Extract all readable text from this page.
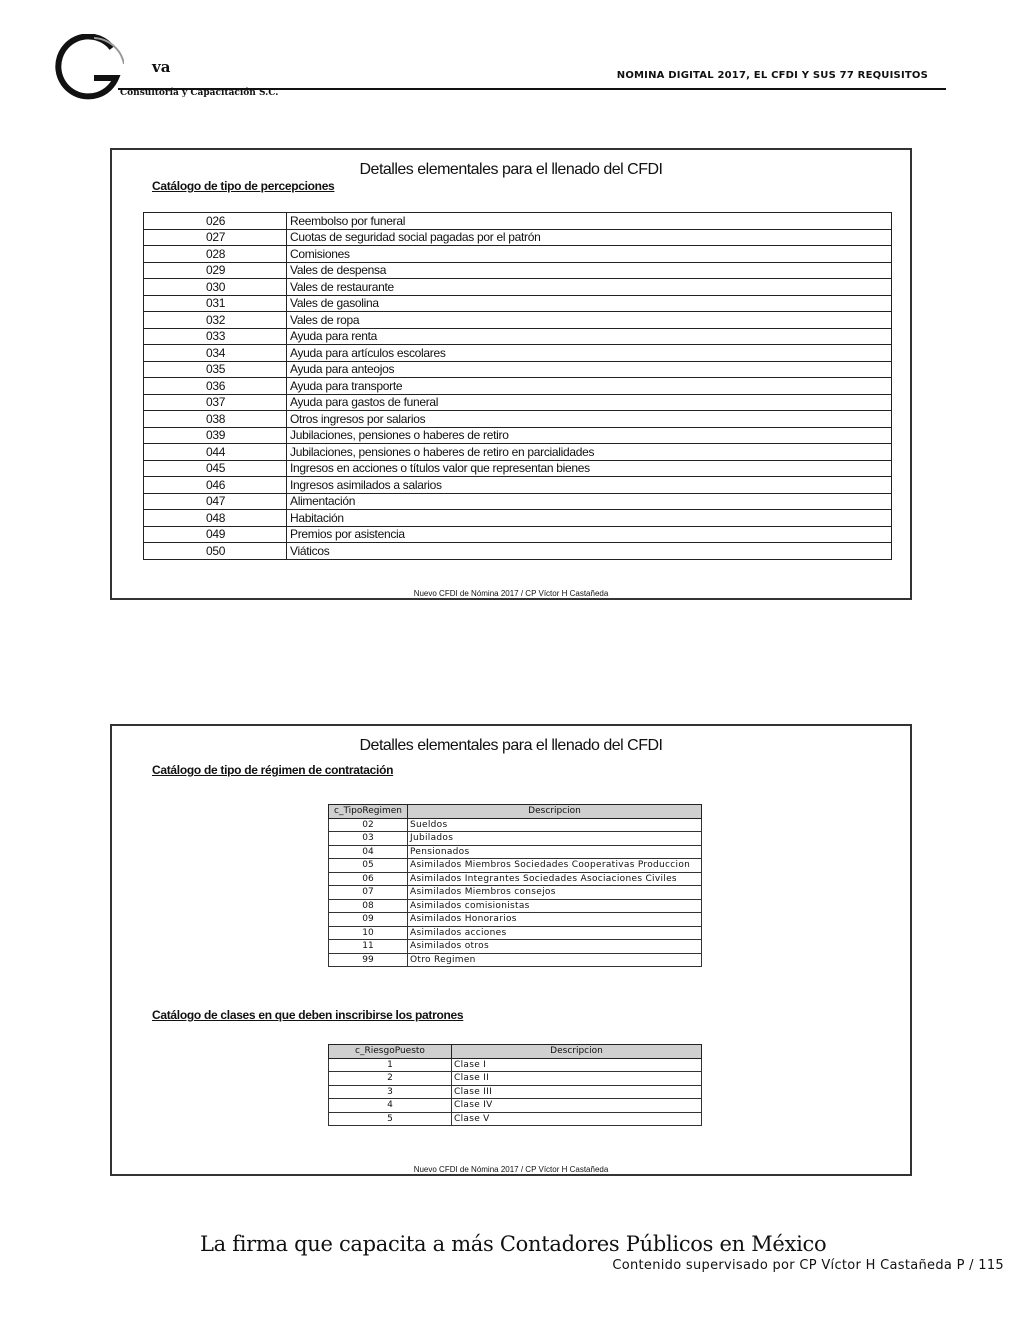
va
Consultoría y Capacitación S.C.
NOMINA DIGITAL 2017, EL CFDI Y SUS 77 REQUISITOS
Detalles elementales para el llenado del CFDI
Catálogo de tipo de percepciones
026	Reembolso por funeral
027	Cuotas de seguridad social pagadas por el patrón
028	Comisiones
029	Vales de despensa
030	Vales de restaurante
031	Vales de gasolina
032	Vales de ropa
033	Ayuda para renta
034	Ayuda para artículos escolares
035	Ayuda para anteojos
036	Ayuda para transporte
037	Ayuda para gastos de funeral
038	Otros ingresos por salarios
039	Jubilaciones, pensiones o haberes de retiro
044	Jubilaciones, pensiones o haberes de retiro en parcialidades
045	Ingresos en acciones o títulos valor que representan bienes
046	Ingresos asimilados a salarios
047	Alimentación
048	Habitación
049	Premios por asistencia
050	Viáticos
Nuevo CFDI de Nómina 2017 / CP Víctor H Castañeda
Detalles elementales para el llenado del CFDI
Catálogo de tipo de régimen de contratación
c_TipoRegimen	Descripcion
02	Sueldos
03	Jubilados
04	Pensionados
05	Asimilados Miembros Sociedades Cooperativas Produccion
06	Asimilados Integrantes Sociedades Asociaciones Civiles
07	Asimilados Miembros consejos
08	Asimilados comisionistas
09	Asimilados Honorarios
10	Asimilados acciones
11	Asimilados otros
99	Otro Regimen
Catálogo de clases en que deben inscribirse los patrones
c_RiesgoPuesto	Descripcion
1	Clase I
2	Clase II
3	Clase III
4	Clase IV
5	Clase V
Nuevo CFDI de Nómina 2017 / CP Víctor H Castañeda
La firma que capacita a más Contadores Públicos en México
Contenido supervisado por CP Víctor H Castañeda P / 115
